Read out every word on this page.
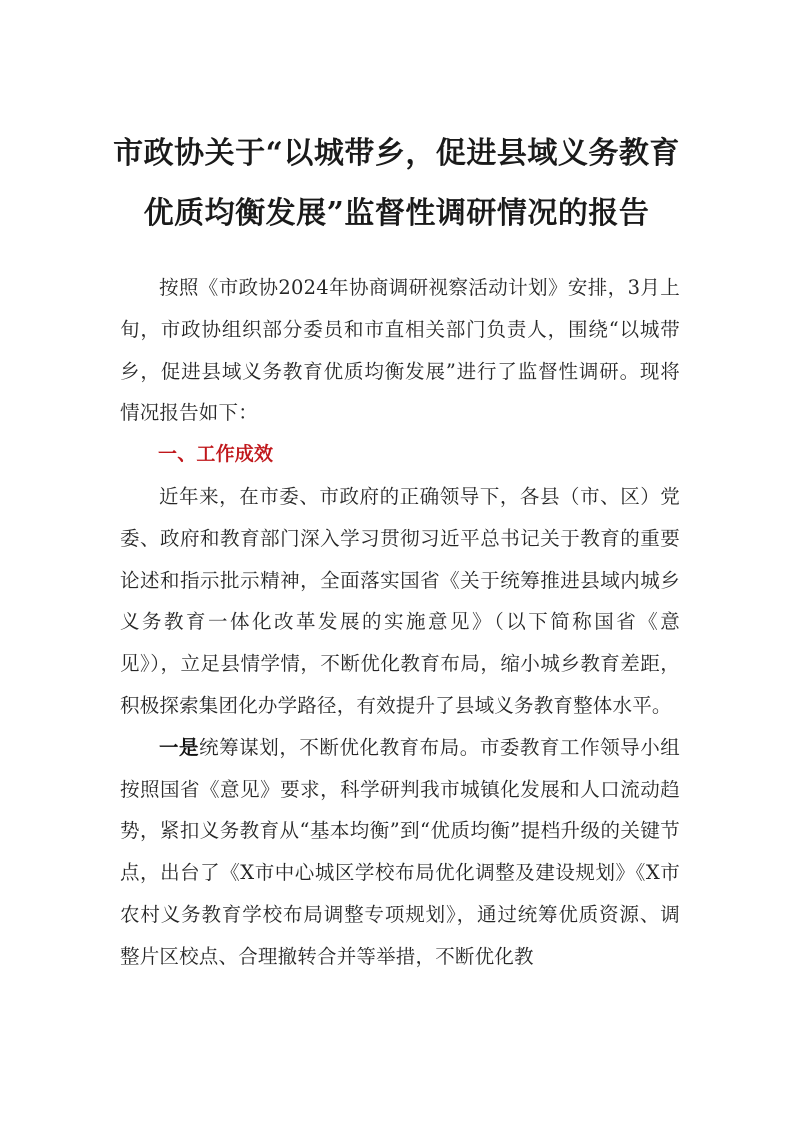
市政协关于“以城带乡，促进县域义务教育
优质均衡发展”监督性调研情况的报告

按照《市政协2024年协商调研视察活动计划》安排，3月上旬，市政协组织部分委员和市直相关部门负责人，围绕“以城带乡，促进县域义务教育优质均衡发展”进行了监督性调研。现将情况报告如下：

一、工作成效

近年来，在市委、市政府的正确领导下，各县（市、区）党委、政府和教育部门深入学习贯彻习近平总书记关于教育的重要论述和指示批示精神，全面落实国省《关于统筹推进县域内城乡义务教育一体化改革发展的实施意见》（以下简称国省《意见》），立足县情学情，不断优化教育布局，缩小城乡教育差距，积极探索集团化办学路径，有效提升了县域义务教育整体水平。

一是统筹谋划，不断优化教育布局。市委教育工作领导小组按照国省《意见》要求，科学研判我市城镇化发展和人口流动趋势，紧扣义务教育从“基本均衡”到“优质均衡”提档升级的关键节点，出台了《X市中心城区学校布局优化调整及建设规划》《X市农村义务教育学校布局调整专项规划》，通过统筹优质资源、调整片区校点、合理撤转合并等举措，不断优化教
